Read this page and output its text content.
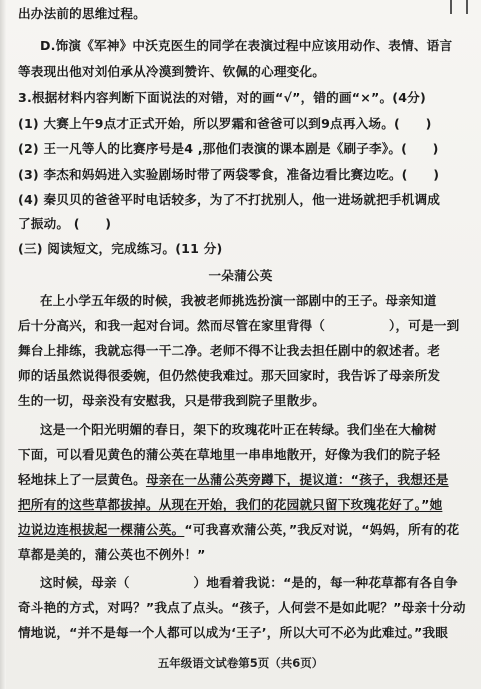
出办法前的思维过程。
D.饰演《军神》中沃克医生的同学在表演过程中应该用动作、表情、语言
等表现出他对刘伯承从冷漠到赞许、钦佩的心理变化。
3.根据材料内容判断下面说法的对错，对的画“√”，错的画“×”。(4分)
(1) 大赛上午9点才正式开始，所以罗霜和爸爸可以到9点再入场。(　　)
(2) 王一凡等人的比赛序号是4 ,那他们表演的课本剧是《刷子李》。(　　)
(3) 李杰和妈妈进入实验剧场时带了两袋零食，准备边看比赛边吃。(　　)
(4) 秦贝贝的爸爸平时电话较多，为了不打扰别人，他一进场就把手机调成
了振动。 (　　)
(三) 阅读短文，完成练习。(11 分)
一朵蒲公英
在上小学五年级的时候，我被老师挑选扮演一部剧中的王子。母亲知道
后十分高兴，和我一起对台词。然而尽管在家里背得（　　　　　），可是一到
舞台上排练，我就忘得一干二净。老师不得不让我去担任剧中的叙述者。老
师的话虽然说得很委婉，但仍然使我难过。那天回家时，我告诉了母亲所发
生的一切，母亲没有安慰我，只是带我到院子里散步。
这是一个阳光明媚的春日，架下的玫瑰花叶正在转绿。我们坐在大榆树
下面，可以看见黄色的蒲公英在草地里一串串地散开，好像为我们的院子轻
轻地抹上了一层黄色。母亲在一丛蒲公英旁蹲下，提议道：“孩子，我想还是
把所有的这些草都拔掉。从现在开始，我们的花园就只留下玫瑰花好了。”她
边说边连根拔起一棵蒲公英。“可我喜欢蒲公英，”我反对说，“妈妈，所有的花
草都是美的，蒲公英也不例外！”
这时候，母亲（　　　　　）地看着我说：“是的，每一种花草都有各自争
奇斗艳的方式，对吗？”我点了点头。“孩子，人何尝不是如此呢？”母亲十分动
情地说，“并不是每一个人都可以成为‘王子’，所以大可不必为此难过。”我眼
五年级语文试卷第5页（共6页）
